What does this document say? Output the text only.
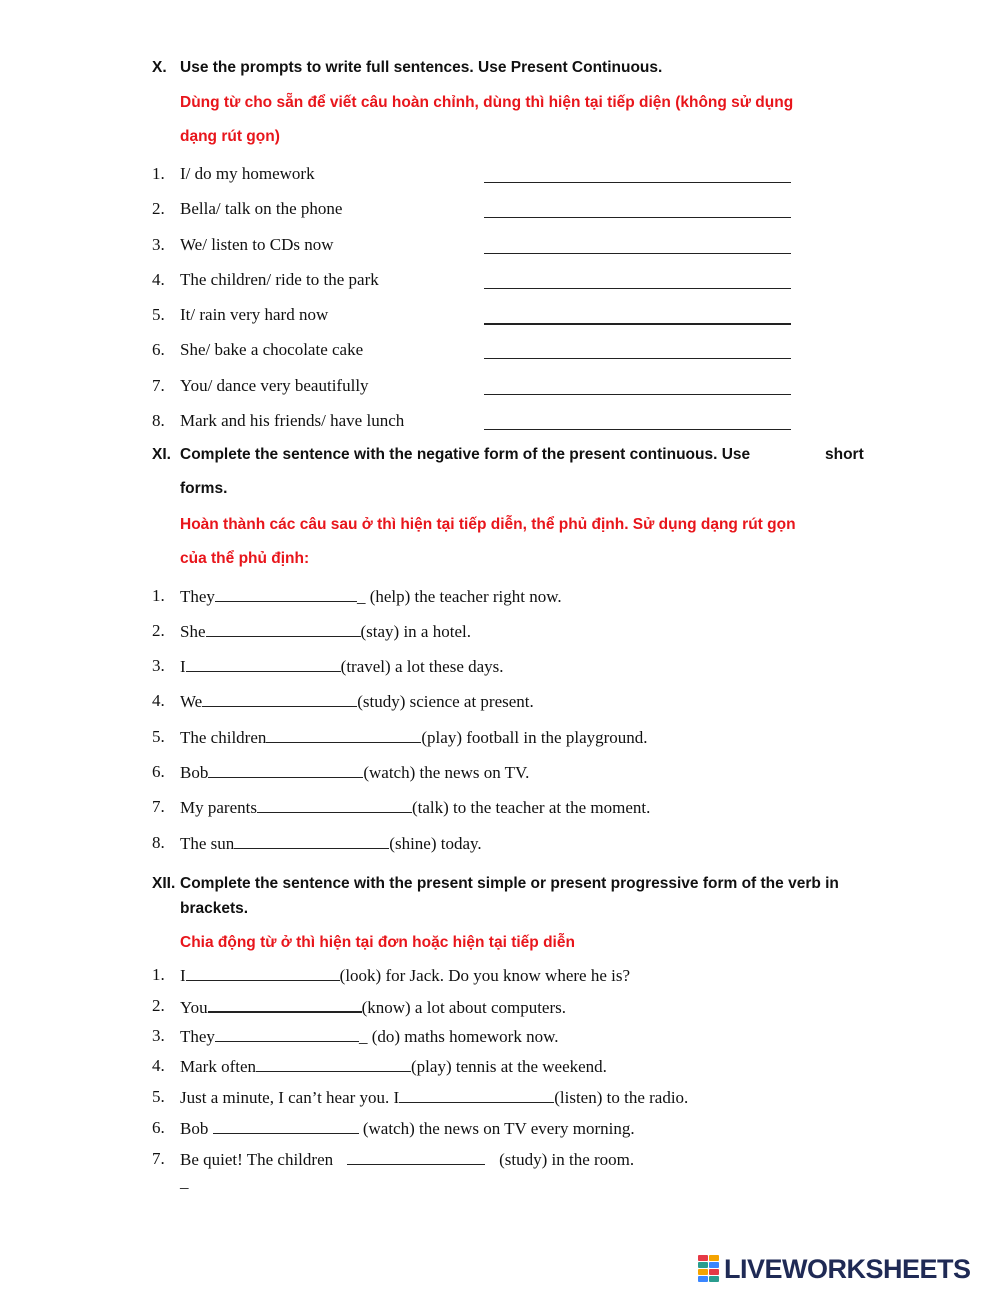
X. Use the prompts to write full sentences. Use Present Continuous.
Dùng từ cho sẵn để viết câu hoàn chỉnh, dùng thì hiện tại tiếp diện (không sử dụng
dạng rút gọn)
1. I/ do my homework
2. Bella/ talk on the phone
3. We/ listen to CDs now
4. The children/ ride to the park
5. It/ rain very hard now
6. She/ bake a chocolate cake
7. You/ dance very beautifully
8. Mark and his friends/ have lunch
XI. Complete the sentence with the negative form of the present continuous. Use	short
forms.
Hoàn thành các câu sau ở thì hiện tại tiếp diễn, thể phủ định. Sử dụng dạng rút gọn
của thể phủ định:
1. They	_ (help) the teacher right now.
2. She	(stay) in a hotel.
3. I	(travel) a lot these days.
4. We	(study) science at present.
5. The children	(play) football in the playground.
6. Bob	(watch) the news on TV.
7. My parents	(talk) to the teacher at the moment.
8. The sun	(shine) today.
XII. Complete the sentence with the present simple or present progressive form of the verb in
brackets.
Chia động từ ở thì hiện tại đơn hoặc hiện tại tiếp diễn
1. I	(look) for Jack. Do you know where he is?
2. You	(know) a lot about computers.
3. They	_ (do) maths homework now.
4. Mark often	(play) tennis at the weekend.
5. Just a minute, I can’t hear you. I	(listen) to the radio.
6. Bob	(watch) the news on TV every morning.
7. Be quiet! The children	(study) in the room.
_
LIVEWORKSHEETS
